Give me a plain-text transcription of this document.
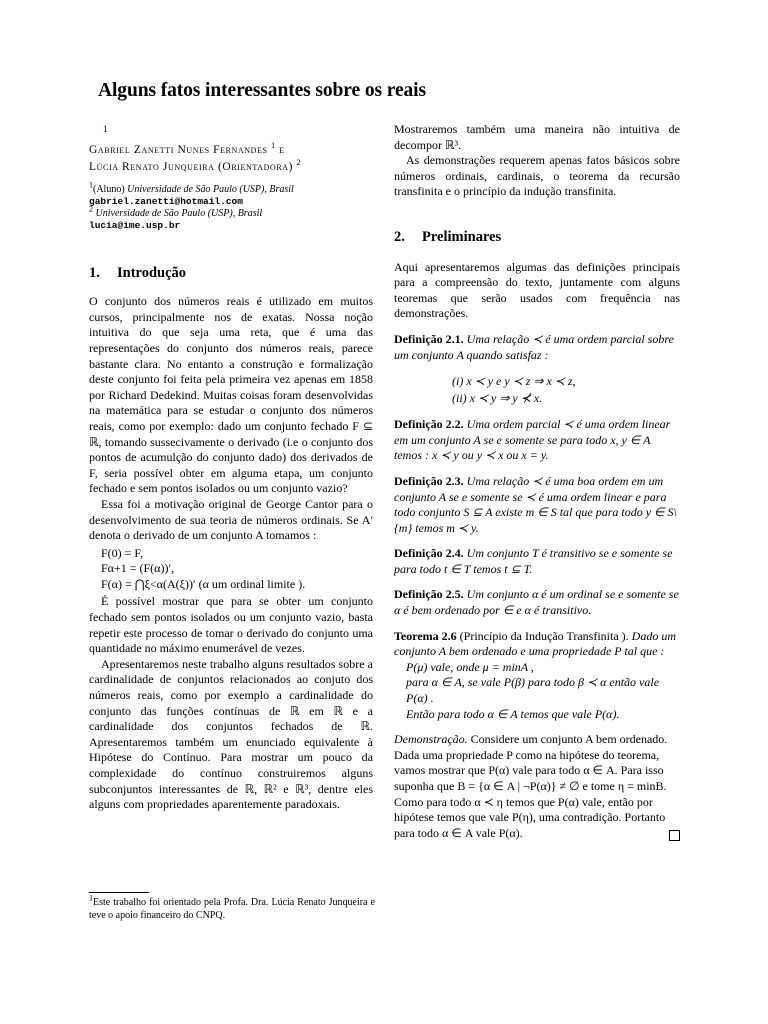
Alguns fatos interessantes sobre os reais
1
Gabriel Zanetti Nunes Fernandes $^1$ e
Lúcia Renato Junqueira (Orientadora) $^2$
$^1$(Aluno) Universidade de São Paulo (USP), Brasil
gabriel.zanetti@hotmail.com
$^2$ Universidade de São Paulo (USP), Brasil
lucia@ime.usp.br
1. Introdução

O conjunto dos números reais é utilizado em muitos cursos, principalmente nos de exatas. Nossa noção intuitiva do que seja uma reta, que é uma das representações do conjunto dos números reais, parece bastante clara. No entanto a construção e formalização deste conjunto foi feita pela primeira vez apenas em 1858 por Richard Dedekind. Muitas coisas foram desenvolvidas na matemática para se estudar o conjunto dos números reais, como por exemplo: dado um conjunto fechado F ⊆ ℝ, tomando sussecivamente o derivado (i.e o conjunto dos pontos de acumulção do conjunto dado) dos derivados de F, seria possível obter em alguma etapa, um conjunto fechado e sem pontos isolados ou um conjunto vazio?

Essa foi a motivação original de George Cantor para o desenvolvimento de sua teoria de números ordinais. Se A′ denota o derivado de um conjunto A tomamos :

F(0) = F,
Fα+1 = (F(α))′,
F(α) = ⋂ξ<α(A(ξ))′ (α um ordinal limite ).

É possível mostrar que para se obter um conjunto fechado sem pontos isolados ou um conjunto vazio, basta repetir este processo de tomar o derivado do conjunto uma quantidade no máximo enumerável de vezes.

Apresentaremos neste trabalho alguns resultados sobre a cardinalidade de conjuntos relacionados ao conjuto dos números reais, como por exemplo a cardinalidade do conjunto das funções contínuas de ℝ em ℝ e a cardinalidade dos conjuntos fechados de ℝ. Apresentaremos também um enunciado equivalente à Hipótese do Contínuo. Para mostrar um pouco da complexidade do contínuo construiremos alguns subconjuntos interessantes de ℝ, ℝ² e ℝ³, dentre eles alguns com propriedades aparentemente paradoxais.

$^1$Este trabalho foi orientado pela Profa. Dra. Lúcia Renato Junqueira e teve o apoio financeiro do CNPQ.

Mostraremos também uma maneira não intuitiva de decompor ℝ³.

As demonstrações requerem apenas fatos básicos sobre números ordinais, cardinais, o teorema da recursão transfinita e o princípio da indução transfinita.

2. Preliminares

Aqui apresentaremos algumas das definições principais para a compreensão do texto, juntamente com alguns teoremas que serão usados com frequência nas demonstrações.

Definição 2.1. Uma relação ≺ é uma ordem parcial sobre um conjunto A quando satisfaz :
(i) x ≺ y e y ≺ z ⇒ x ≺ z,
(ii) x ≺ y ⇒ y ⊀ x.
Definição 2.2. Uma ordem parcial ≺ é uma ordem linear em um conjunto A se e somente se para todo x, y ∈ A temos : x ≺ y ou y ≺ x ou x = y.
Definição 2.3. Uma relação ≺ é uma boa ordem em um conjunto A se e somente se ≺ é uma ordem linear e para todo conjunto S ⊆ A existe m ∈ S tal que para todo y ∈ S\{m} temos m ≺ y.
Definição 2.4. Um conjunto T é transitivo se e somente se para todo t ∈ T temos t ⊆ T.
Definição 2.5. Um conjunto α é um ordinal se e somente se α é bem ordenado por ∈ e α é transitivo.
Teorema 2.6 (Princípio da Indução Transfinita ). Dado um conjunto A bem ordenado e uma propriedade P tal que :
P(μ) vale, onde μ = minA ,
para α ∈ A, se vale P(β) para todo β ≺ α então vale P(α) .
Então para todo α ∈ A temos que vale P(α).
Demonstração. Considere um conjunto A bem ordenado. Dada uma propriedade P como na hipótese do teorema, vamos mostrar que P(α) vale para todo α ∈ A. Para isso suponha que B = {α ∈ A | ¬P(α)} ≠ ∅ e tome η = minB. Como para todo α ≺ η temos que P(α) vale, então por hipótese temos que vale P(η), uma contradição. Portanto para todo α ∈ A vale P(α).
